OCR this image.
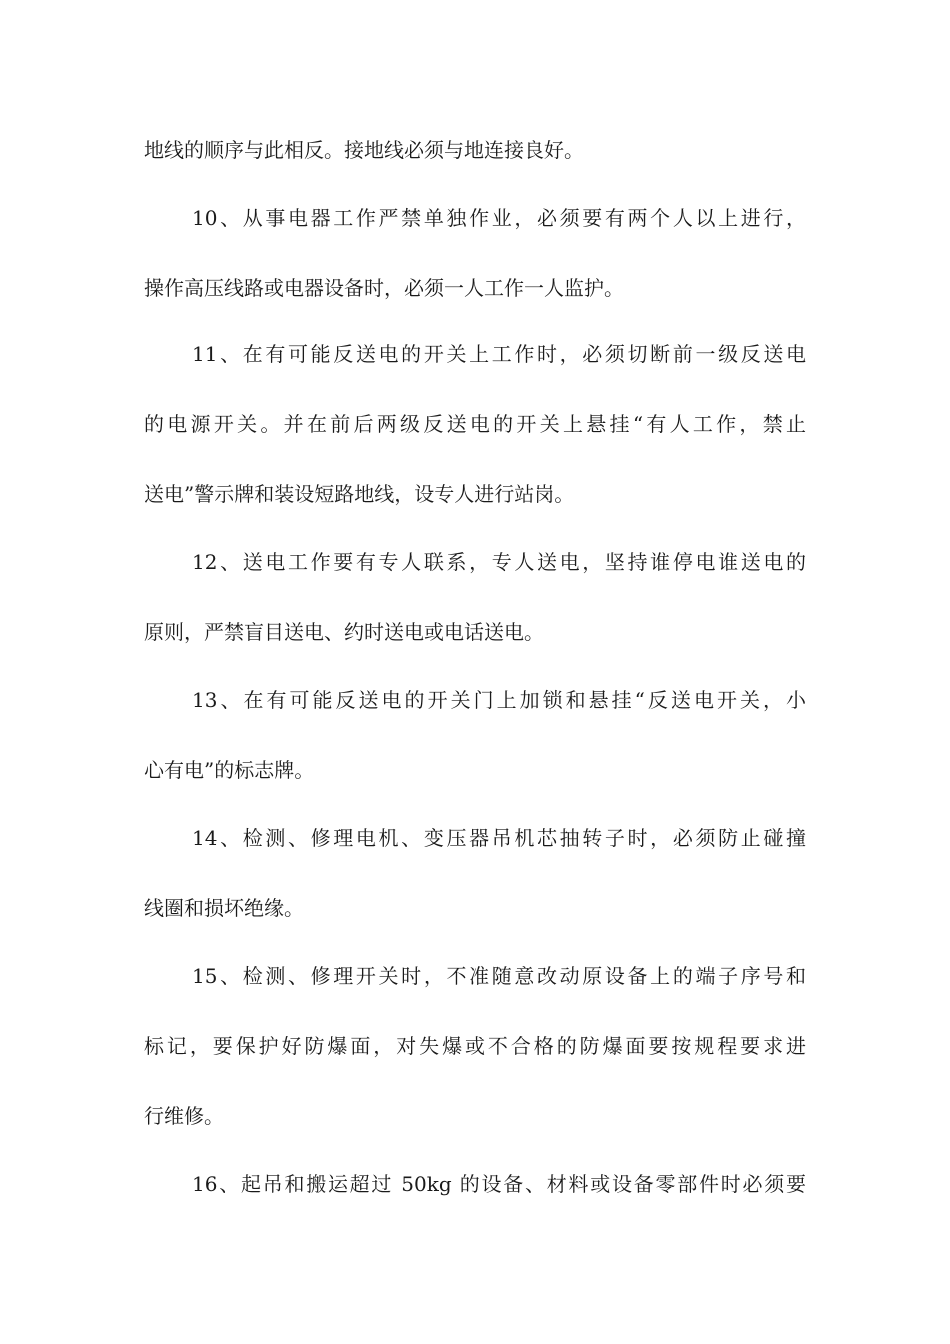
地线的顺序与此相反。接地线必须与地连接良好。
10、从事电器工作严禁单独作业，必须要有两个人以上进行，
操作高压线路或电器设备时，必须一人工作一人监护。
11、在有可能反送电的开关上工作时，必须切断前一级反送电
的电源开关。并在前后两级反送电的开关上悬挂“有人工作，禁止
送电”警示牌和装设短路地线，设专人进行站岗。
12、送电工作要有专人联系，专人送电，坚持谁停电谁送电的
原则，严禁盲目送电、约时送电或电话送电。
13、在有可能反送电的开关门上加锁和悬挂“反送电开关，小
心有电”的标志牌。
14、检测、修理电机、变压器吊机芯抽转子时，必须防止碰撞
线圈和损坏绝缘。
15、检测、修理开关时，不准随意改动原设备上的端子序号和
标记，要保护好防爆面，对失爆或不合格的防爆面要按规程要求进
行维修。
16、起吊和搬运超过 50kg 的设备、材料或设备零部件时必须要
